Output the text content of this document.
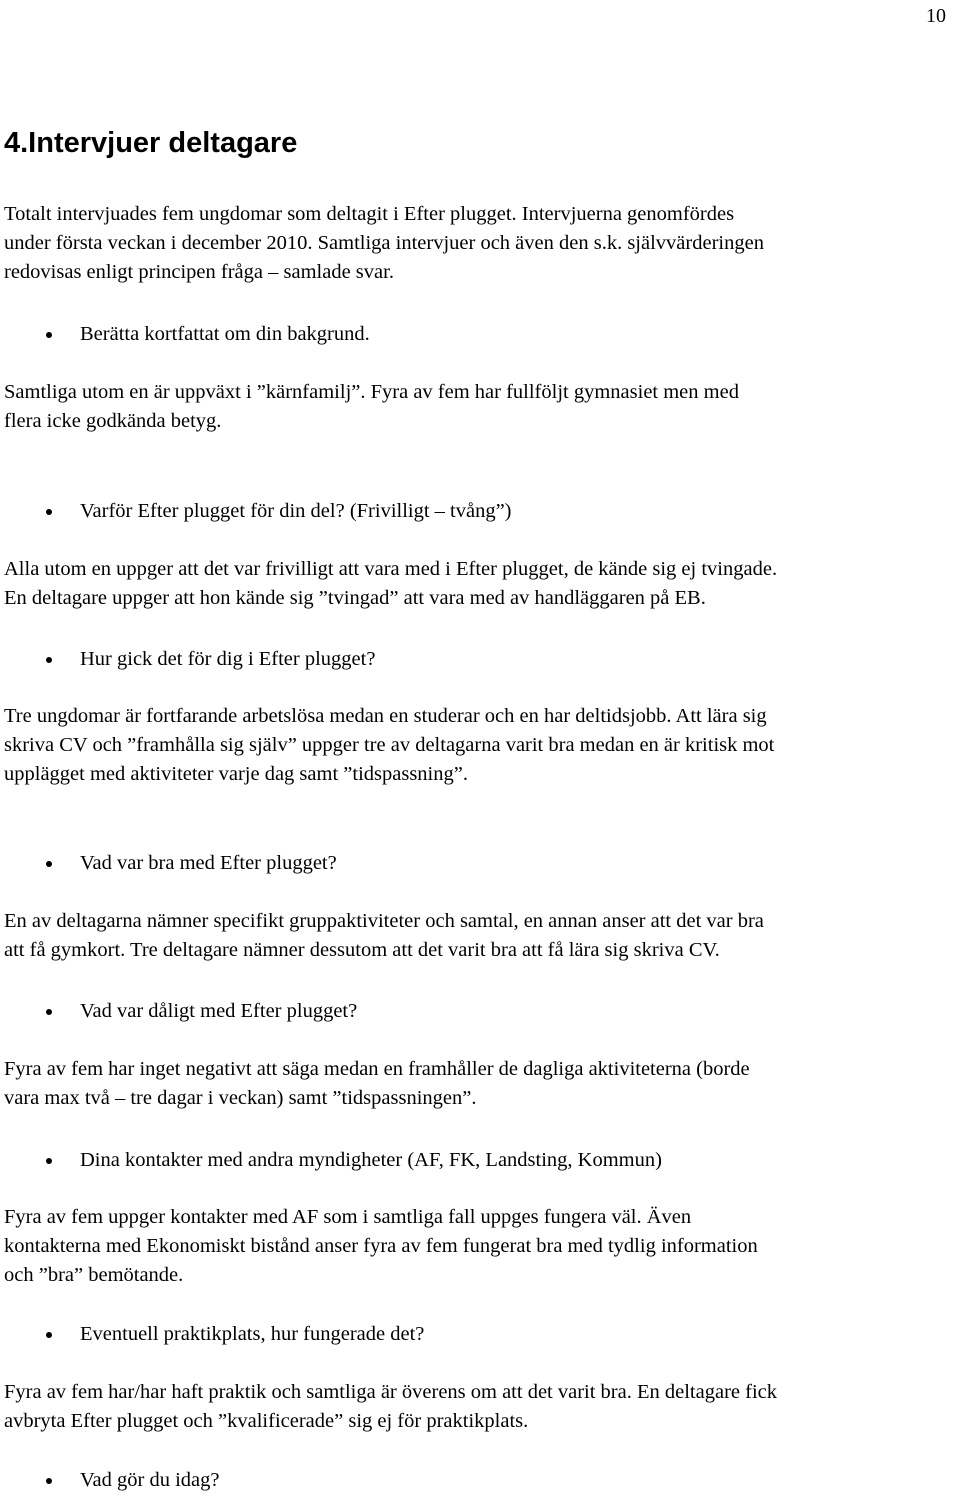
10
4.Intervjuer deltagare

Totalt intervjuades fem ungdomar som deltagit i Efter plugget. Intervjuerna genomfördes
under första veckan i december 2010. Samtliga intervjuer och även den s.k. självvärderingen
redovisas enligt principen fråga – samlade svar.

Berätta kortfattat om din bakgrund.

Samtliga utom en är uppväxt i ”kärnfamilj”. Fyra av fem har fullföljt gymnasiet men med
flera icke godkända betyg.

Varför Efter plugget för din del? (Frivilligt – tvång”)

Alla utom en uppger att det var frivilligt att vara med i Efter plugget, de kände sig ej tvingade.
En deltagare uppger att hon kände sig ”tvingad” att vara med av handläggaren på EB.

Hur gick det för dig i Efter plugget?

Tre ungdomar är fortfarande arbetslösa medan en studerar och en har deltidsjobb. Att lära sig
skriva CV och ”framhålla sig själv” uppger tre av deltagarna varit bra medan en är kritisk mot
upplägget med aktiviteter varje dag samt ”tidspassning”.

Vad var bra med Efter plugget?

En av deltagarna nämner specifikt gruppaktiviteter och samtal, en annan anser att det var bra
att få gymkort. Tre deltagare nämner dessutom att det varit bra att få lära sig skriva CV.

Vad var dåligt med Efter plugget?

Fyra av fem har inget negativt att säga medan en framhåller de dagliga aktiviteterna (borde
vara max två – tre dagar i veckan) samt ”tidspassningen”.

Dina kontakter med andra myndigheter (AF, FK, Landsting, Kommun)

Fyra av fem uppger kontakter med AF som i samtliga fall uppges fungera väl. Även
kontakterna med Ekonomiskt bistånd anser fyra av fem fungerat bra med tydlig information
och ”bra” bemötande.

Eventuell praktikplats, hur fungerade det?

Fyra av fem har/har haft praktik och samtliga är överens om att det varit bra. En deltagare fick
avbryta Efter plugget och ”kvalificerade” sig ej för praktikplats.

Vad gör du idag?
